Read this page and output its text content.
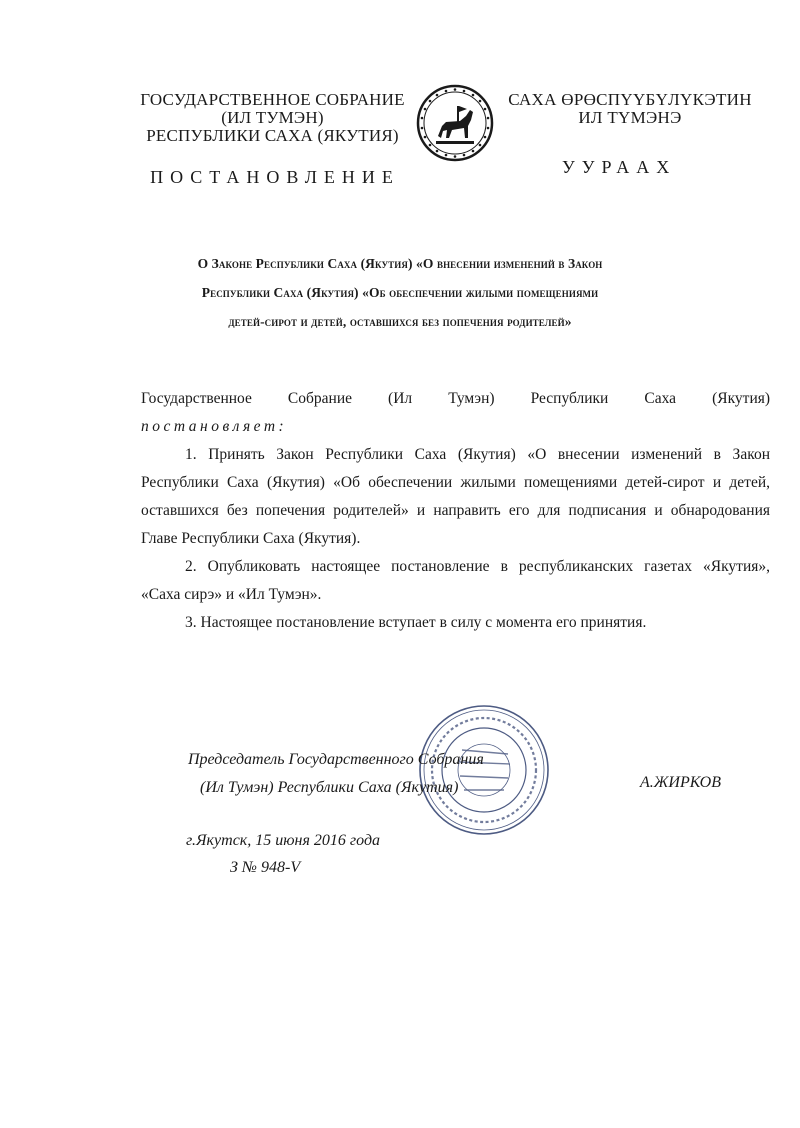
ГОСУДАРСТВЕННОЕ СОБРАНИЕ
(ИЛ ТУМЭН)
РЕСПУБЛИКИ САХА (ЯКУТИЯ)
САХА ӨРӨСПҮҮБҮЛҮКЭТИН
ИЛ ТҮМЭНЭ
ПОСТАНОВЛЕНИЕ	УУРААХ
О Законе Республики Саха (Якутия) «О внесении изменений в Закон
Республики Саха (Якутия) «Об обеспечении жилыми помещениями
детей-сирот и детей, оставшихся без попечения родителей»
Государственное Собрание (Ил Тумэн) Республики Саха (Якутия)
постановляет:
1. Принять Закон Республики Саха (Якутия) «О внесении изменений в Закон
Республики Саха (Якутия) «Об обеспечении жилыми помещениями детей-сирот и детей,
оставшихся без попечения родителей» и направить его для подписания и обнародования
Главе Республики Саха (Якутия).
2. Опубликовать настоящее постановление в республиканских газетах «Якутия»,
«Саха сирэ» и «Ил Тумэн».
3. Настоящее постановление вступает в силу с момента его принятия.
Председатель Государственного Собрания
(Ил Тумэн) Республики Саха (Якутия)	А.ЖИРКОВ
г.Якутск, 15 июня 2016 года
З № 948-V
